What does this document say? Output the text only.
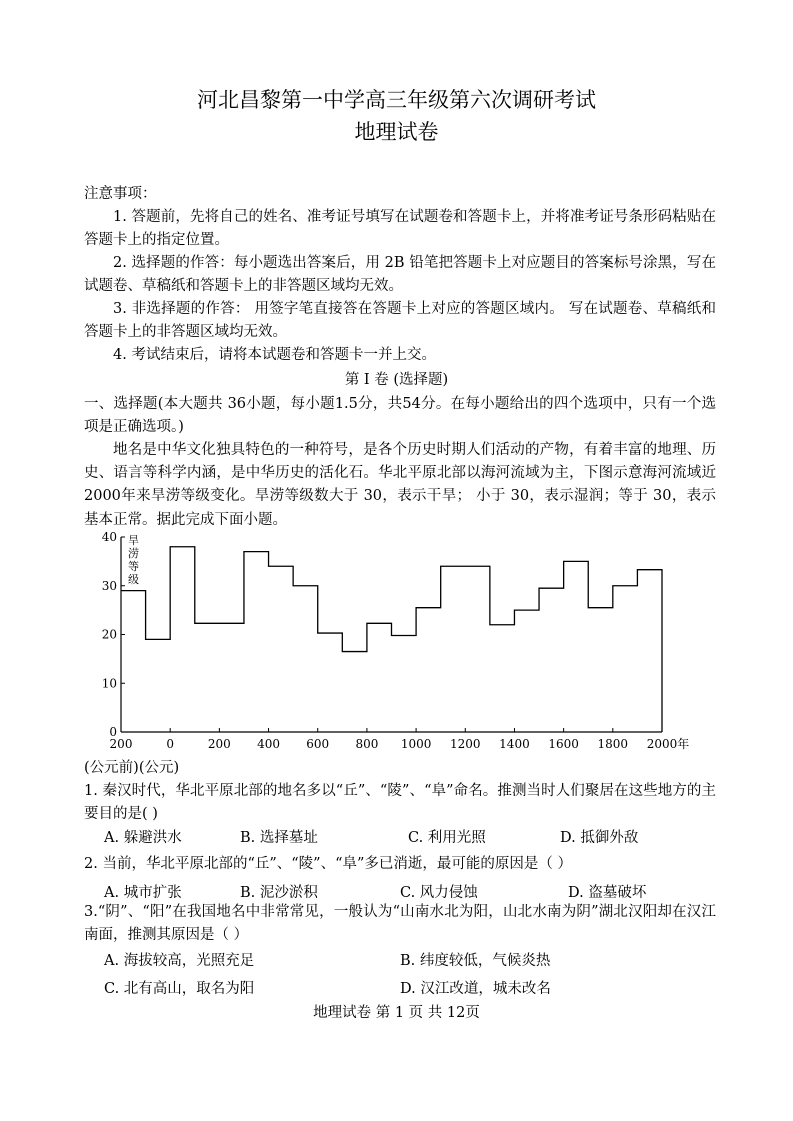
河北昌黎第一中学高三年级第六次调研考试
地理试卷
注意事项：
1. 答题前，先将自己的姓名、准考证号填写在试题卷和答题卡上，并将准考证号条形码粘贴在答题卡上的指定位置。
2. 选择题的作答：每小题选出答案后，用 2B 铅笔把答题卡上对应题目的答案标号涂黑，写在试题卷、草稿纸和答题卡上的非答题区域均无效。
3. 非选择题的作答： 用签字笔直接答在答题卡上对应的答题区域内。 写在试题卷、草稿纸和答题卡上的非答题区域均无效。
4. 考试结束后，请将本试题卷和答题卡一并上交。
第 Ⅰ 卷 (选择题)
一、选择题(本大题共 36小题，每小题1.5分，共54分。在每小题给出的四个选项中，只有一个选项是正确选项。)
地名是中华文化独具特色的一种符号，是各个历史时期人们活动的产物，有着丰富的地理、历史、语言等科学内涵，是中华历史的活化石。华北平原北部以海河流域为主，下图示意海河流域近 2000年来旱涝等级变化。旱涝等级数大于 30，表示干旱； 小于 30，表示湿润；等于 30，表示基本正常。据此完成下面小题。
200	0	200 400 600 800 1000 1200 1400 1600 1800 2000年
0
10
20
30
40 旱涝等级
(公元前)(公元)
1. 秦汉时代，华北平原北部的地名多以“丘”、“陵”、“阜”命名。推测当时人们聚居在这些地方的主要目的是( )
A. 躲避洪水	B. 选择墓址	C. 利用光照	D. 抵御外敌
2. 当前，华北平原北部的“丘”、“陵”、“阜”多已消逝，最可能的原因是（ ）
A. 城市扩张	B. 泥沙淤积	C. 风力侵蚀	D. 盗墓破坏
3.“阴”、“阳”在我国地名中非常常见，一般认为“山南水北为阳，山北水南为阴”湖北汉阳却在汉江南面，推测其原因是（ ）
A. 海拔较高，光照充足	B. 纬度较低，气候炎热
C. 北有高山，取名为阳	D. 汉江改道，城未改名
地理试卷 第 1 页 共 12页
